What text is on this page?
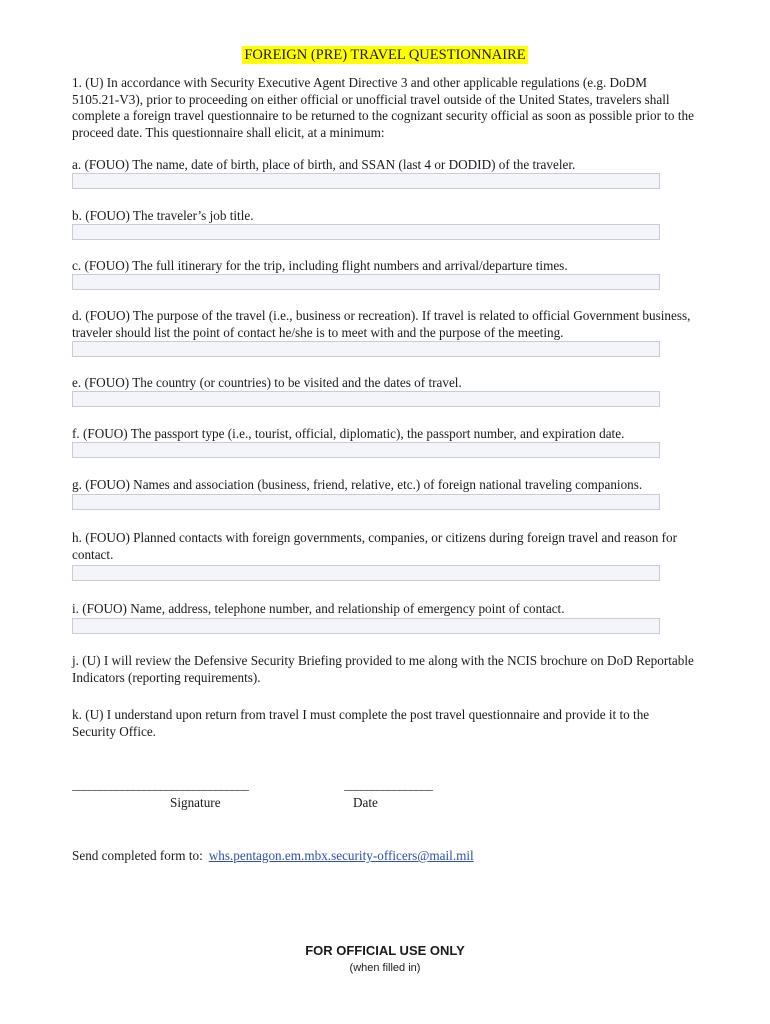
FOREIGN (PRE) TRAVEL QUESTIONNAIRE
1. (U) In accordance with Security Executive Agent Directive 3 and other applicable regulations (e.g. DoDM 5105.21-V3), prior to proceeding on either official or unofficial travel outside of the United States, travelers shall complete a foreign travel questionnaire to be returned to the cognizant security official as soon as possible prior to the proceed date. This questionnaire shall elicit, at a minimum:
a. (FOUO) The name, date of birth, place of birth, and SSAN (last 4 or DODID) of the traveler.
b. (FOUO) The traveler’s job title.
c. (FOUO) The full itinerary for the trip, including flight numbers and arrival/departure times.
d. (FOUO) The purpose of the travel (i.e., business or recreation). If travel is related to official Government business, traveler should list the point of contact he/she is to meet with and the purpose of the meeting.
e. (FOUO) The country (or countries) to be visited and the dates of travel.
f. (FOUO) The passport type (i.e., tourist, official, diplomatic), the passport number, and expiration date.
g. (FOUO) Names and association (business, friend, relative, etc.) of foreign national traveling companions.
h. (FOUO) Planned contacts with foreign governments, companies, or citizens during foreign travel and reason for contact.
i. (FOUO) Name, address, telephone number, and relationship of emergency point of contact.
j. (U) I will review the Defensive Security Briefing provided to me along with the NCIS brochure on DoD Reportable Indicators (reporting requirements).
k. (U) I understand upon return from travel I must complete the post travel questionnaire and provide it to the Security Office.
________________________________	________________
Signature	Date
Send completed form to: whs.pentagon.em.mbx.security-officers@mail.mil
FOR OFFICIAL USE ONLY
(when filled in)
